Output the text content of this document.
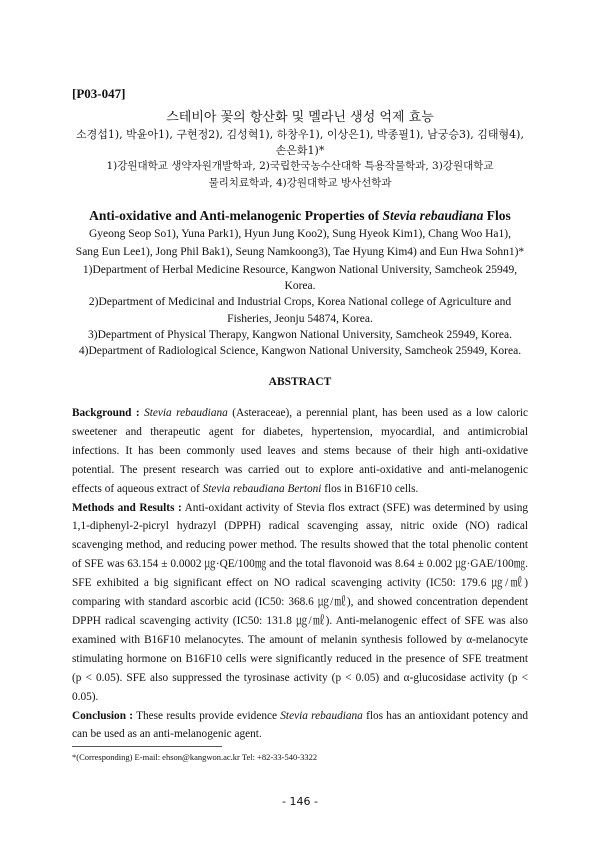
[P03-047]
스테비아 꽃의 항산화 및 멜라닌 생성 억제 효능
소경섭1), 박윤아1), 구현정2), 김성혁1), 하창우1), 이상은1), 박종필1), 남궁승3), 김태형4),
손은화1)*
1)강원대학교 생약자원개발학과, 2)국립한국농수산대학 특용작물학과, 3)강원대학교
물리치료학과, 4)강원대학교 방사선학과
Anti-oxidative and Anti-melanogenic Properties of Stevia rebaudiana Flos
Gyeong Seop So1), Yuna Park1), Hyun Jung Koo2), Sung Hyeok Kim1), Chang Woo Ha1),
Sang Eun Lee1), Jong Phil Bak1), Seung Namkoong3), Tae Hyung Kim4) and Eun Hwa Sohn1)*
1)Department of Herbal Medicine Resource, Kangwon National University, Samcheok 25949,
Korea.
2)Department of Medicinal and Industrial Crops, Korea National college of Agriculture and
Fisheries, Jeonju 54874, Korea.
3)Department of Physical Therapy, Kangwon National University, Samcheok 25949, Korea.
4)Department of Radiological Science, Kangwon National University, Samcheok 25949, Korea.
ABSTRACT

Background : Stevia rebaudiana (Asteraceae), a perennial plant, has been used as a low caloric sweetener and therapeutic agent for diabetes, hypertension, myocardial, and antimicrobial infections. It has been commonly used leaves and stems because of their high anti-oxidative potential. The present research was carried out to explore anti-oxidative and anti-melanogenic effects of aqueous extract of Stevia rebaudiana Bertoni flos in B16F10 cells.

Methods and Results : Anti-oxidant activity of Stevia flos extract (SFE) was determined by using 1,1-diphenyl-2-picryl hydrazyl (DPPH) radical scavenging assay, nitric oxide (NO) radical scavenging method, and reducing power method. The results showed that the total phenolic content of SFE was 63.154 ± 0.0002 ㎍·QE/100㎎ and the total flavonoid was 8.64 ± 0.002 ㎍·GAE/100㎎. SFE exhibited a big significant effect on NO radical scavenging activity (IC50: 179.6 ㎍/㎖) comparing with standard ascorbic acid (IC50: 368.6 ㎍/㎖), and showed concentration dependent DPPH radical scavenging activity (IC50: 131.8 ㎍/㎖). Anti-melanogenic effect of SFE was also examined with B16F10 melanocytes. The amount of melanin synthesis followed by α-melanocyte stimulating hormone on B16F10 cells were significantly reduced in the presence of SFE treatment (p < 0.05). SFE also suppressed the tyrosinase activity (p < 0.05) and α-glucosidase activity (p < 0.05).

Conclusion : These results provide evidence Stevia rebaudiana flos has an antioxidant potency and can be used as an anti-melanogenic agent.

*(Corresponding) E-mail: ehson@kangwon.ac.kr Tel: +82-33-540-3322
- 146 -
